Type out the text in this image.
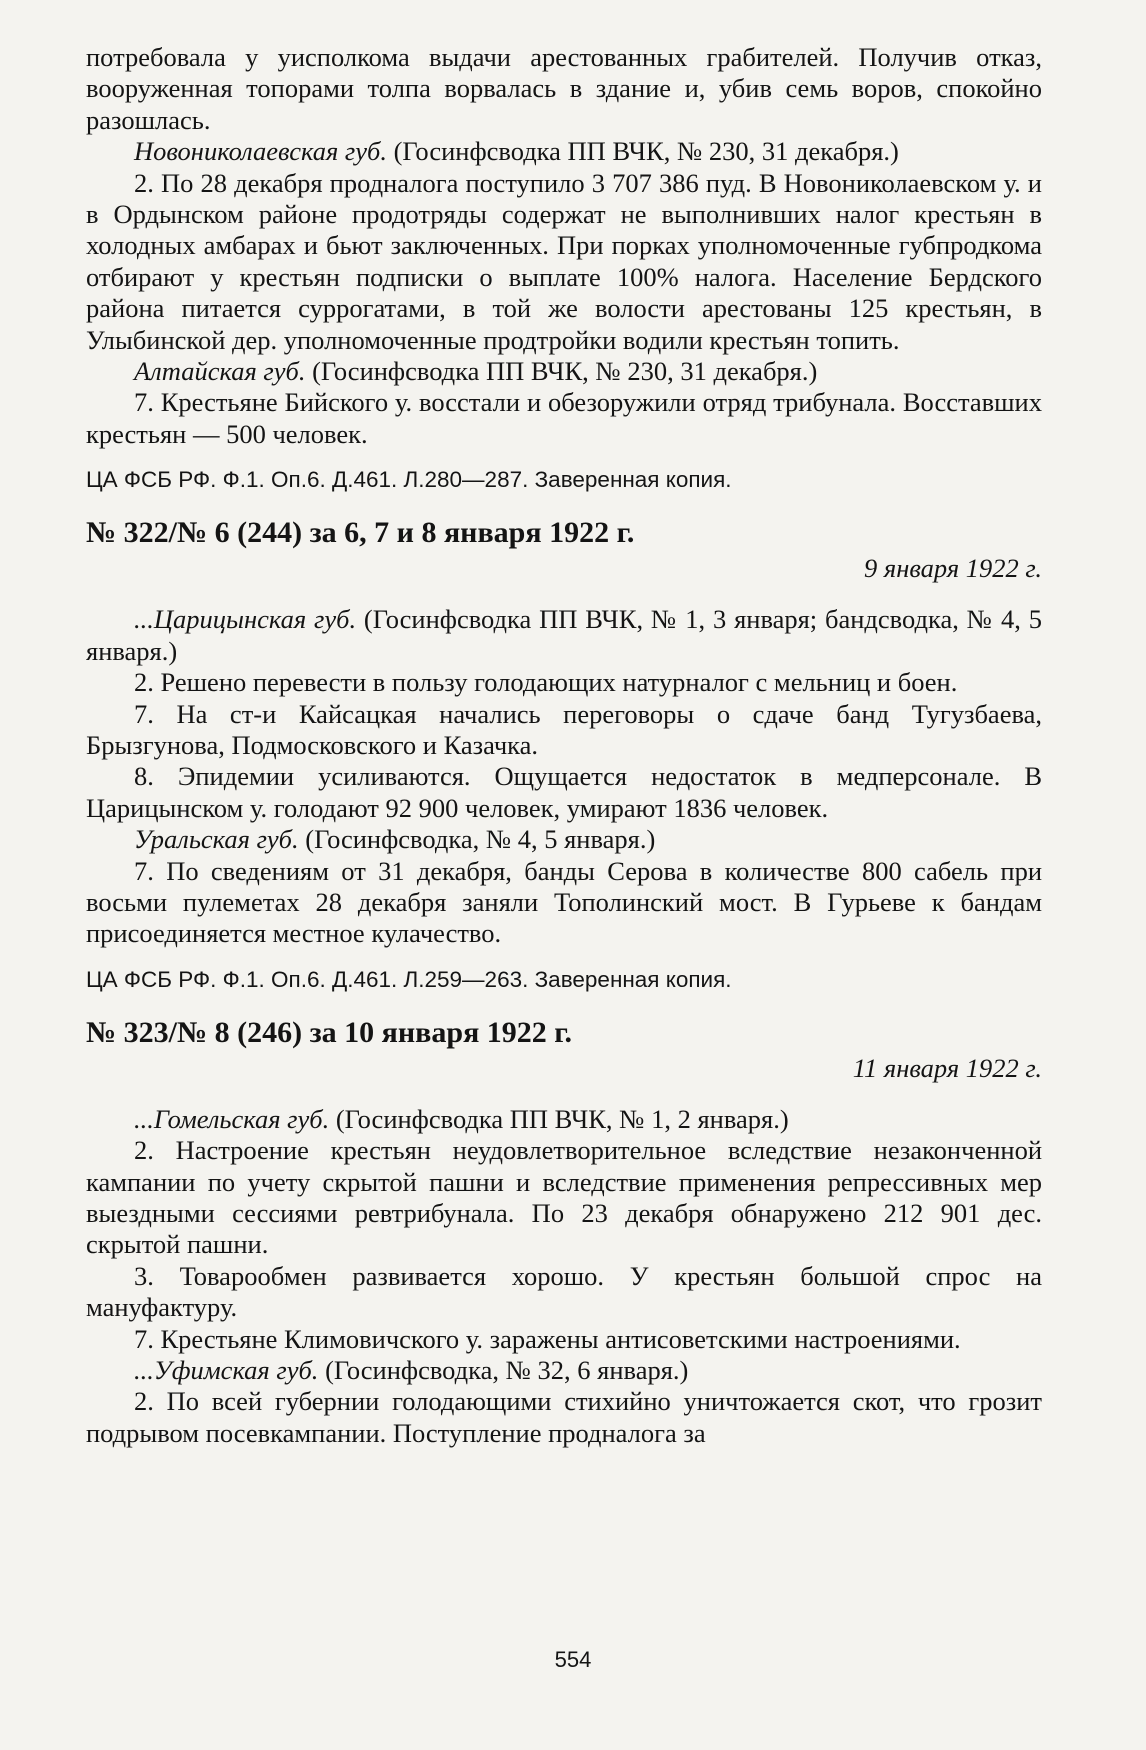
потребовала у уисполкома выдачи арестованных грабителей. Получив отказ, вооруженная топорами толпа ворвалась в здание и, убив семь воров, спокойно разошлась.

Новониколаевская губ. (Госинфсводка ПП ВЧК, № 230, 31 декабря.)

2. По 28 декабря продналога поступило 3 707 386 пуд. В Новониколаевском у. и в Ордынском районе продотряды содержат не выполнивших налог крестьян в холодных амбарах и бьют заключенных. При порках уполномоченные губпродкома отбирают у крестьян подписки о выплате 100% налога. Население Бердского района питается суррогатами, в той же волости арестованы 125 крестьян, в Улыбинской дер. уполномоченные продтройки водили крестьян топить.

Алтайская губ. (Госинфсводка ПП ВЧК, № 230, 31 декабря.)

7. Крестьяне Бийского у. восстали и обезоружили отряд трибунала. Восставших крестьян — 500 человек.

ЦА ФСБ РФ. Ф.1. Оп.6. Д.461. Л.280—287. Заверенная копия.

№ 322/№ 6 (244) за 6, 7 и 8 января 1922 г.

9 января 1922 г.

...Царицынская губ. (Госинфсводка ПП ВЧК, № 1, 3 января; бандсводка, № 4, 5 января.)

2. Решено перевести в пользу голодающих натурналог с мельниц и боен.

7. На ст-и Кайсацкая начались переговоры о сдаче банд Тугузбаева, Брызгунова, Подмосковского и Казачка.

8. Эпидемии усиливаются. Ощущается недостаток в медперсонале. В Царицынском у. голодают 92 900 человек, умирают 1836 человек.

Уральская губ. (Госинфсводка, № 4, 5 января.)

7. По сведениям от 31 декабря, банды Серова в количестве 800 сабель при восьми пулеметах 28 декабря заняли Тополинский мост. В Гурьеве к бандам присоединяется местное кулачество.

ЦА ФСБ РФ. Ф.1. Оп.6. Д.461. Л.259—263. Заверенная копия.

№ 323/№ 8 (246) за 10 января 1922 г.

11 января 1922 г.

...Гомельская губ. (Госинфсводка ПП ВЧК, № 1, 2 января.)

2. Настроение крестьян неудовлетворительное вследствие незаконченной кампании по учету скрытой пашни и вследствие применения репрессивных мер выездными сессиями ревтрибунала. По 23 декабря обнаружено 212 901 дес. скрытой пашни.

3. Товарообмен развивается хорошо. У крестьян большой спрос на мануфактуру.

7. Крестьяне Климовичского у. заражены антисоветскими настроениями.

...Уфимская губ. (Госинфсводка, № 32, 6 января.)

2. По всей губернии голодающими стихийно уничтожается скот, что грозит подрывом посевкампании. Поступление продналога за

554
